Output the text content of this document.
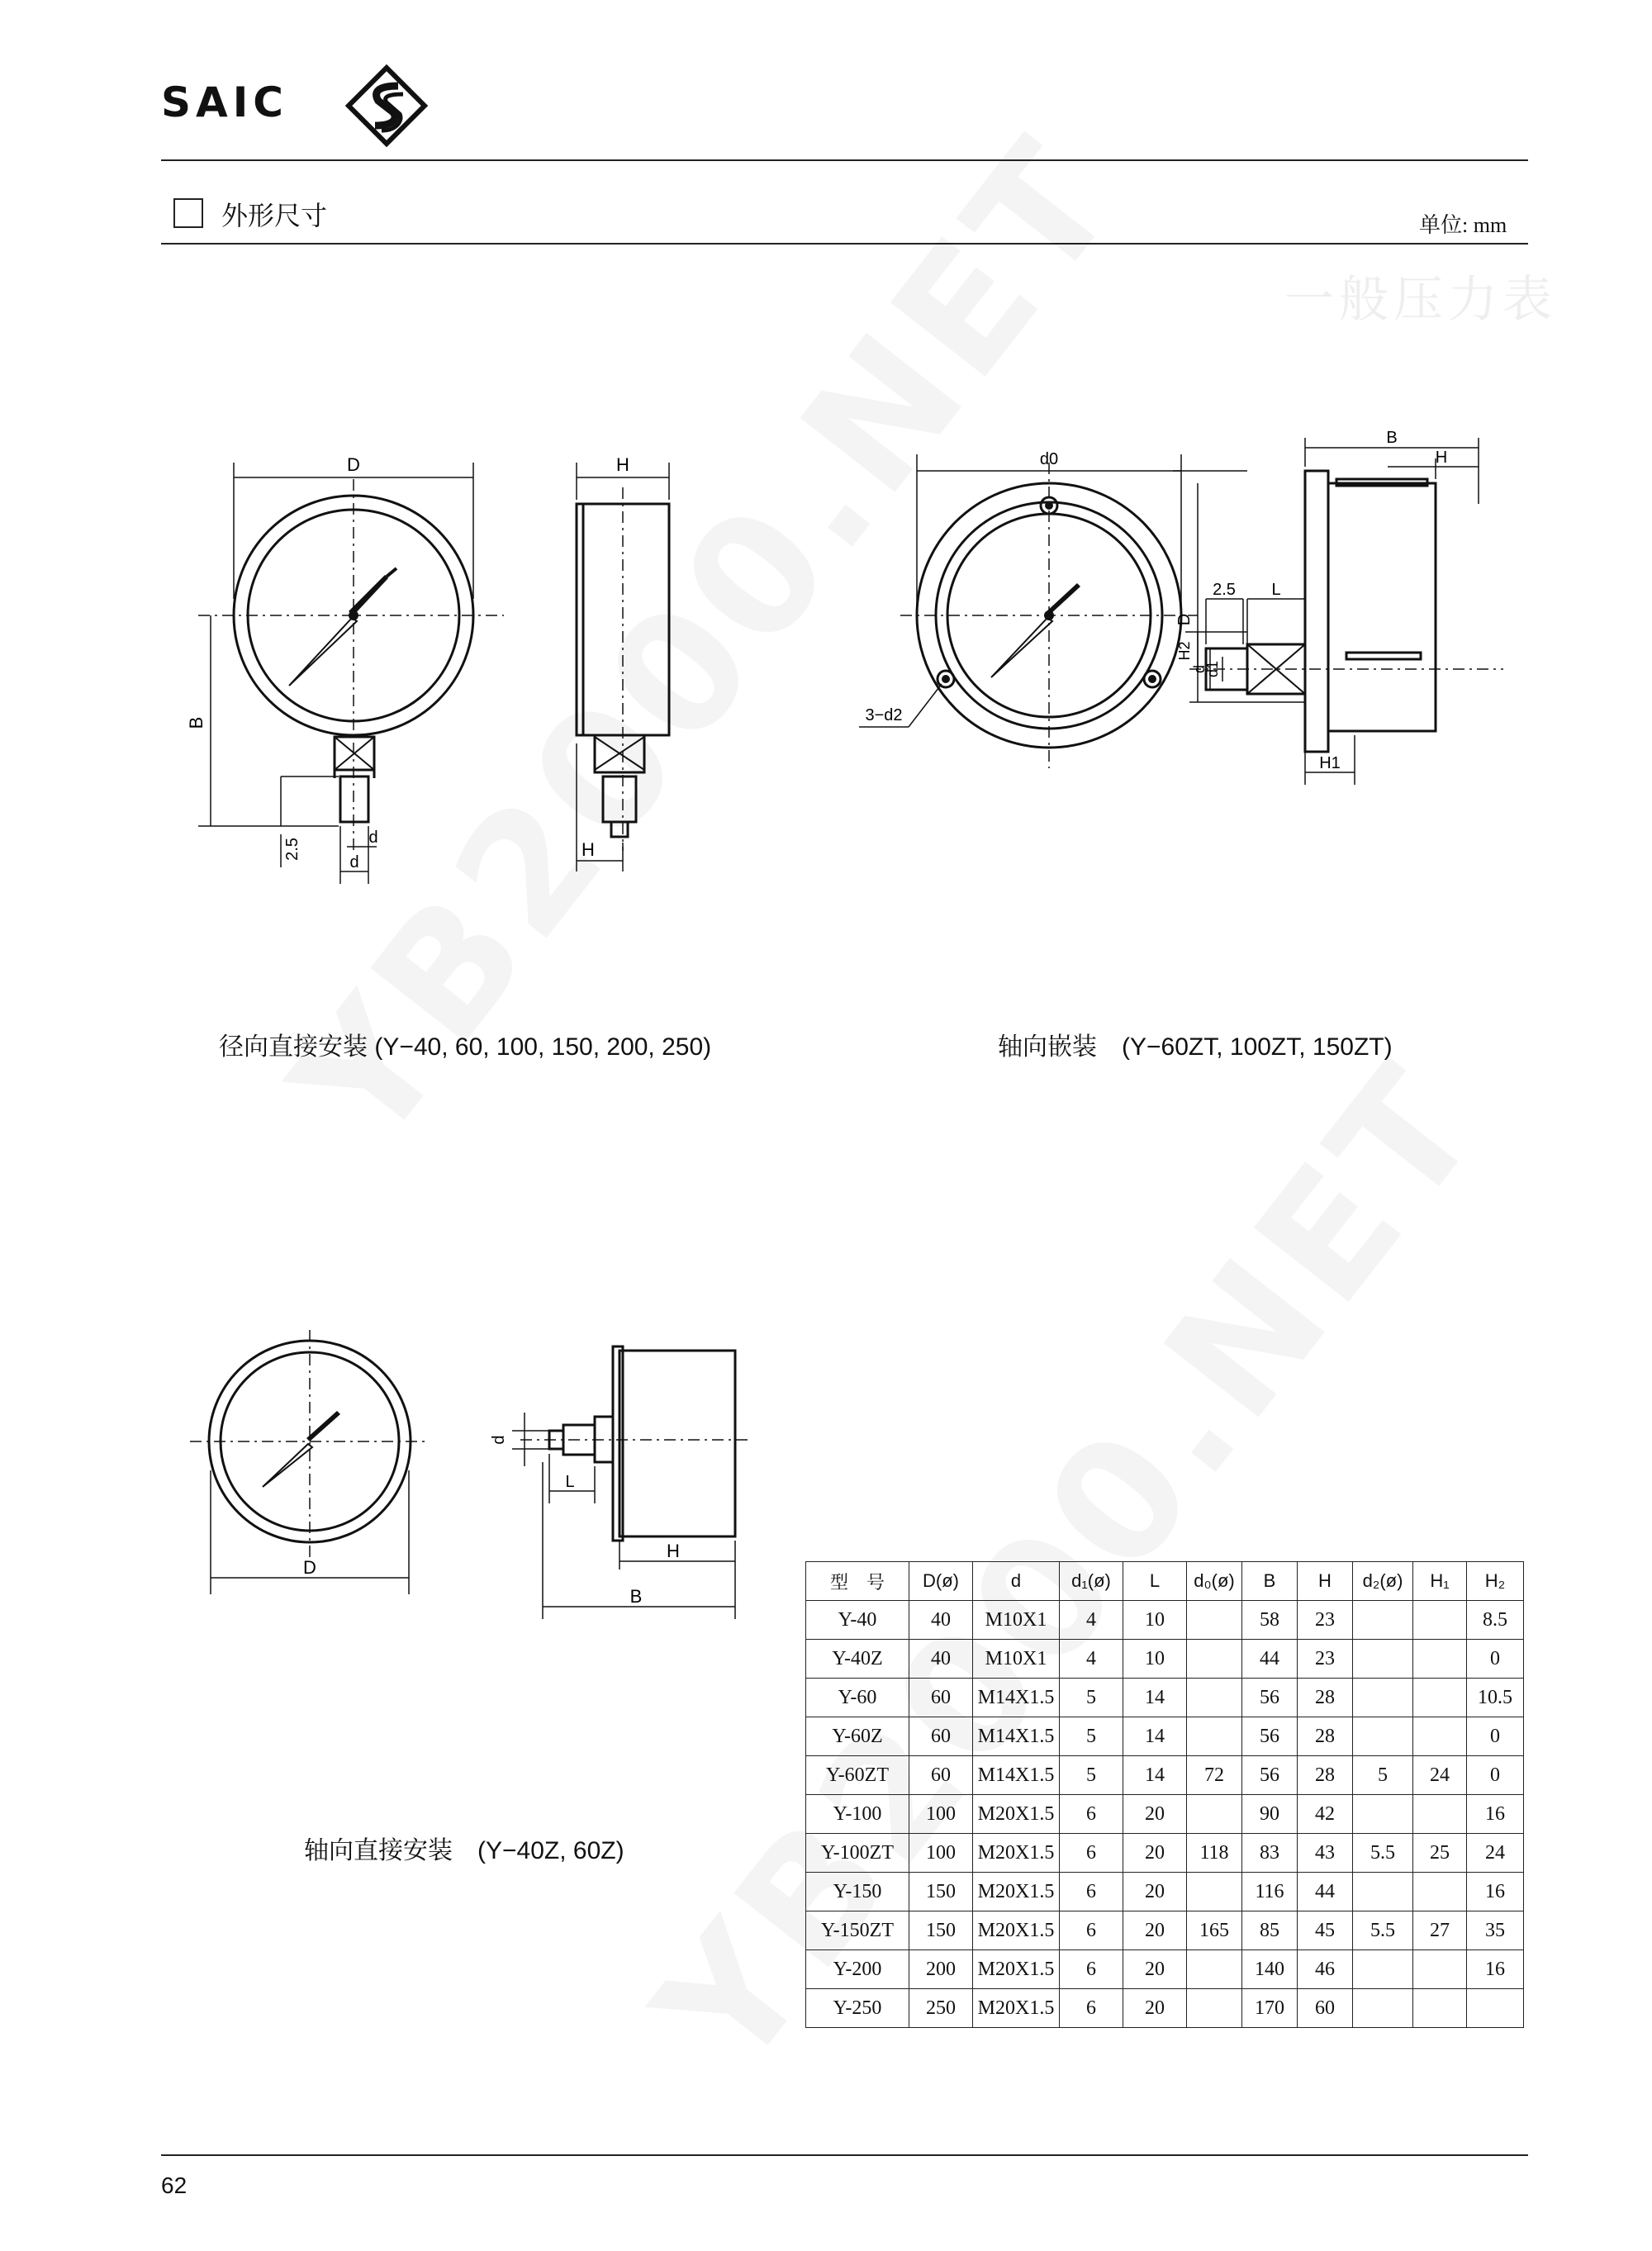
SAIC
外形尺寸	单位: mm
一般压力表
D	H
B
2.5
d
d
H
径向直接安装 (Y−40, 60, 100, 150, 200, 250)
d0
B
H
D
2.5 L
H2
d
d1
3−d2
H1
轴向嵌装　(Y−60ZT, 100ZT, 150ZT)
D
d
L
H
B
轴向直接安装　(Y−40Z, 60Z)
型　号	D(ø)	d	d₁(ø)	L	d₀(ø)	B	H	d₂(ø)	H₁	H₂
Y-40	40	M10X1	4	10		58	23			8.5
Y-40Z	40	M10X1	4	10		44	23			0
Y-60	60	M14X1.5	5	14		56	28			10.5
Y-60Z	60	M14X1.5	5	14		56	28			0
Y-60ZT	60	M14X1.5	5	14	72	56	28	5	24	0
Y-100	100	M20X1.5	6	20		90	42			16
Y-100ZT	100	M20X1.5	6	20	118	83	43	5.5	25	24
Y-150	150	M20X1.5	6	20		116	44			16
Y-150ZT	150	M20X1.5	6	20	165	85	45	5.5	27	35
Y-200	200	M20X1.5	6	20		140	46			16
Y-250	250	M20X1.5	6	20		170	60			
62
